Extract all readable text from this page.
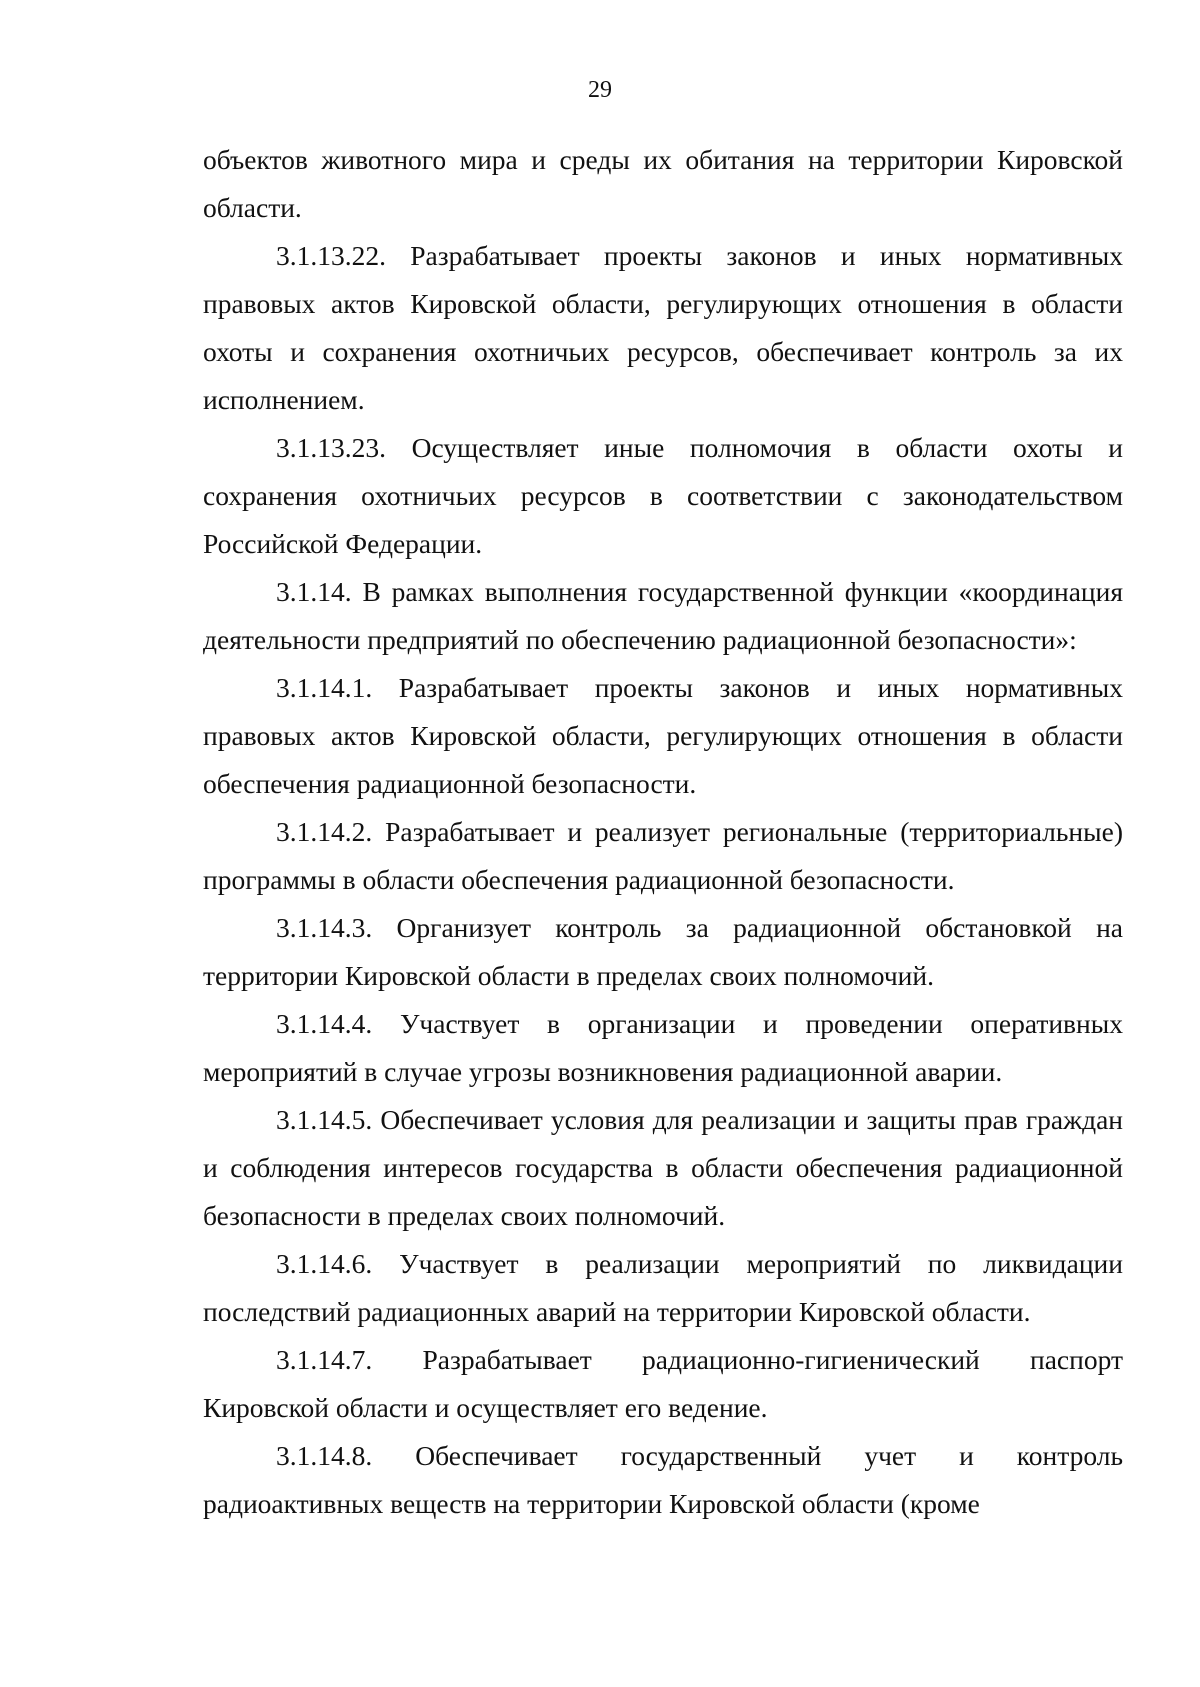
29

объектов животного мира и среды их обитания на территории Кировской области.

3.1.13.22. Разрабатывает проекты законов и иных нормативных правовых актов Кировской области, регулирующих отношения в области охоты и сохранения охотничьих ресурсов, обеспечивает контроль за их исполнением.

3.1.13.23. Осуществляет иные полномочия в области охоты и сохранения охотничьих ресурсов в соответствии с законодательством Российской Федерации.

3.1.14. В рамках выполнения государственной функции «координация деятельности предприятий по обеспечению радиационной безопасности»:

3.1.14.1. Разрабатывает проекты законов и иных нормативных правовых актов Кировской области, регулирующих отношения в области обеспечения радиационной безопасности.

3.1.14.2. Разрабатывает и реализует региональные (территориальные) программы в области обеспечения радиационной безопасности.

3.1.14.3. Организует контроль за радиационной обстановкой на территории Кировской области в пределах своих полномочий.

3.1.14.4. Участвует в организации и проведении оперативных мероприятий в случае угрозы возникновения радиационной аварии.

3.1.14.5. Обеспечивает условия для реализации и защиты прав граждан и соблюдения интересов государства в области обеспечения радиационной безопасности в пределах своих полномочий.

3.1.14.6. Участвует в реализации мероприятий по ликвидации последствий радиационных аварий на территории Кировской области.

3.1.14.7. Разрабатывает радиационно-гигиенический паспорт Кировской области и осуществляет его ведение.

3.1.14.8. Обеспечивает государственный учет и контроль радиоактивных веществ на территории Кировской области (кроме
